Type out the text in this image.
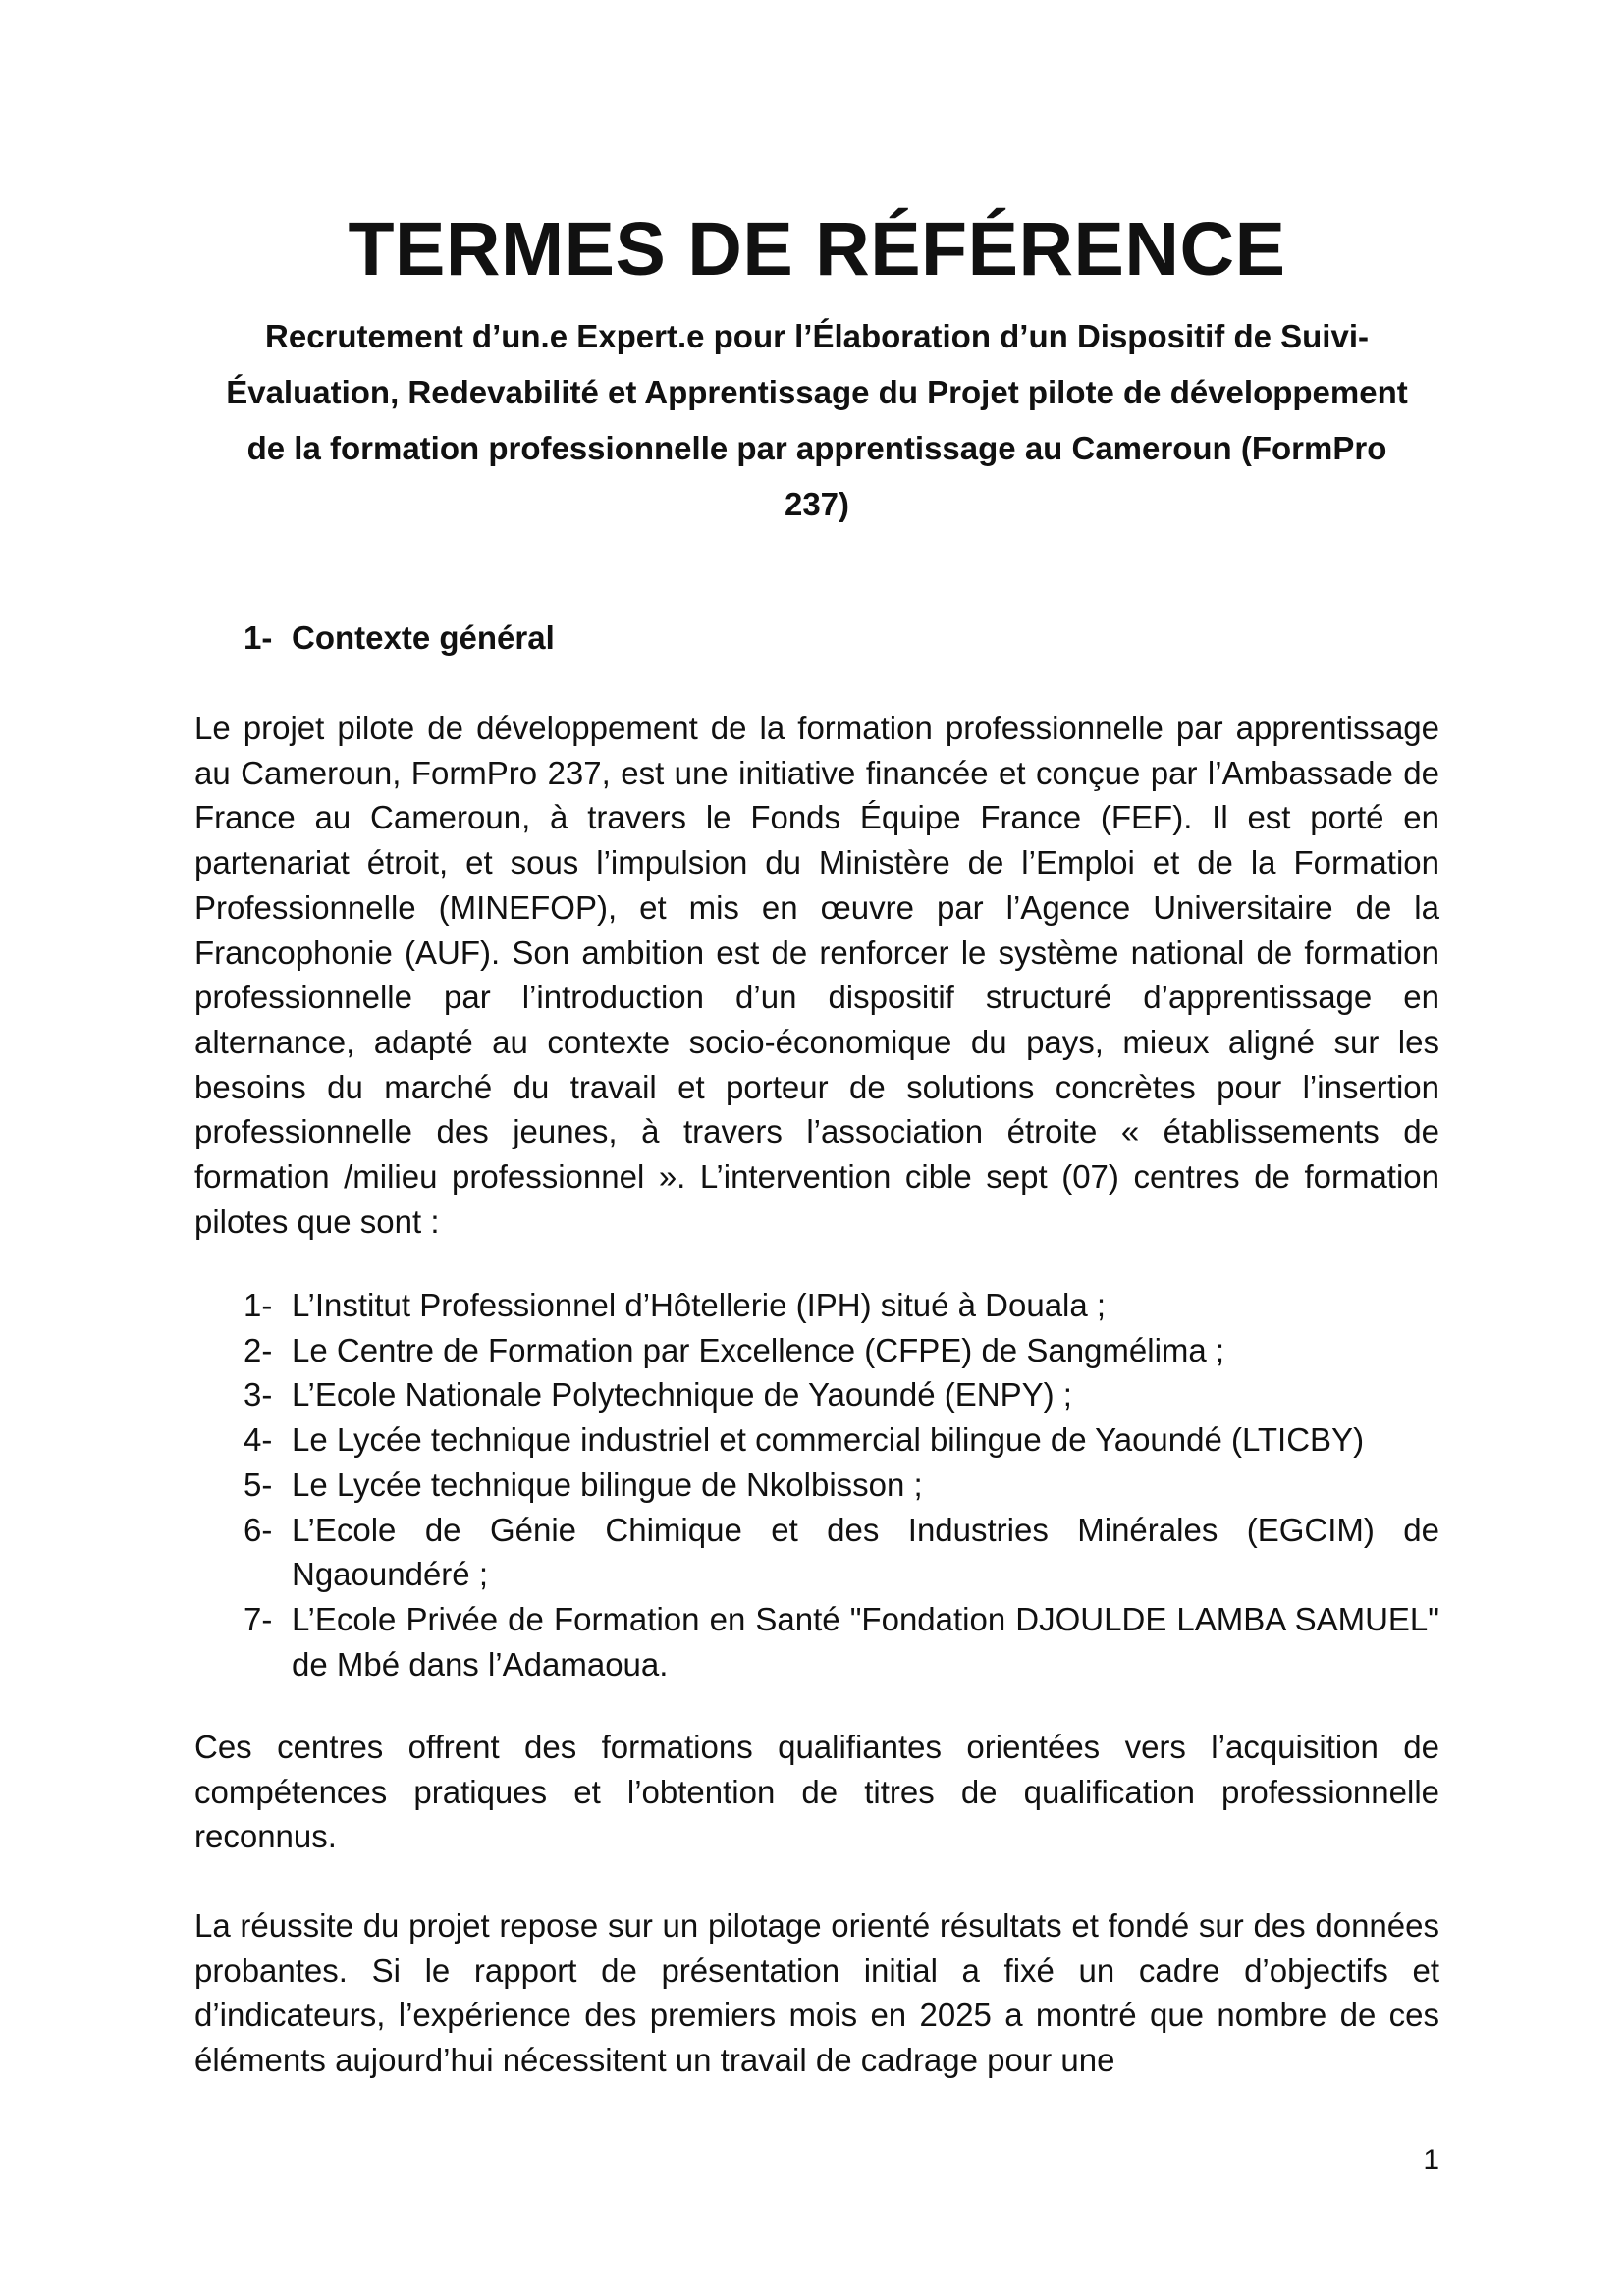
TERMES DE RÉFÉRENCE

Recrutement d’un.e Expert.e pour l’Élaboration d’un Dispositif de Suivi-Évaluation, Redevabilité et Apprentissage du Projet pilote de développement de la formation professionnelle par apprentissage au Cameroun (FormPro 237)

1- Contexte général

Le projet pilote de développement de la formation professionnelle par apprentissage au Cameroun, FormPro 237, est une initiative financée et conçue par l’Ambassade de France au Cameroun, à travers le Fonds Équipe France (FEF). Il est porté en partenariat étroit, et sous l’impulsion du Ministère de l’Emploi et de la Formation Professionnelle (MINEFOP), et mis en œuvre par l’Agence Universitaire de la Francophonie (AUF). Son ambition est de renforcer le système national de formation professionnelle par l’introduction d’un dispositif structuré d’apprentissage en alternance, adapté au contexte socio-économique du pays, mieux aligné sur les besoins du marché du travail et porteur de solutions concrètes pour l’insertion professionnelle des jeunes, à travers l’association étroite « établissements de formation /milieu professionnel ». L’intervention cible sept (07) centres de formation pilotes que sont :

1- L’Institut Professionnel d’Hôtellerie (IPH) situé à Douala ;
2- Le Centre de Formation par Excellence (CFPE) de Sangmélima ;
3- L’Ecole Nationale Polytechnique de Yaoundé (ENPY) ;
4- Le Lycée technique industriel et commercial bilingue de Yaoundé (LTICBY)
5- Le Lycée technique bilingue de Nkolbisson ;
6- L’Ecole de Génie Chimique et des Industries Minérales (EGCIM) de Ngaoundéré ;
7- L’Ecole Privée de Formation en Santé "Fondation DJOULDE LAMBA SAMUEL" de Mbé dans l’Adamaoua.

Ces centres offrent des formations qualifiantes orientées vers l’acquisition de compétences pratiques et l’obtention de titres de qualification professionnelle reconnus.

La réussite du projet repose sur un pilotage orienté résultats et fondé sur des données probantes. Si le rapport de présentation initial a fixé un cadre d’objectifs et d’indicateurs, l’expérience des premiers mois en 2025 a montré que nombre de ces éléments aujourd’hui nécessitent un travail de cadrage pour une

1
